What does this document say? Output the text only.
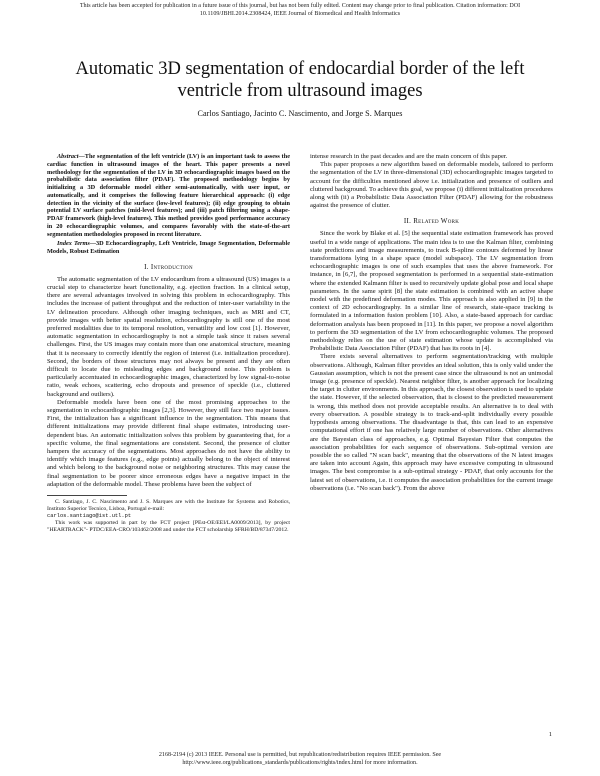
This article has been accepted for publication in a future issue of this journal, but has not been fully edited. Content may change prior to final publication. Citation information: DOI
10.1109/JBHI.2014.2308424, IEEE Journal of Biomedical and Health Informatics
Automatic 3D segmentation of endocardial border of the left
ventricle from ultrasound images
Carlos Santiago, Jacinto C. Nascimento, and Jorge S. Marques

Abstract—The segmentation of the left ventricle (LV) is an important task to assess the cardiac function in ultrasound images of the heart. This paper presents a novel methodology for the segmentation of the LV in 3D echocardiographic images based on the probabilistic data association filter (PDAF). The proposed methodology begins by initializing a 3D deformable model either semi-automatically, with user input, or automatically, and it comprises the following feature hierarchical approach: (i) edge detection in the vicinity of the surface (low-level features); (ii) edge grouping to obtain potential LV surface patches (mid-level features); and (iii) patch filtering using a shape-PDAF framework (high-level features). This method provides good performance accuracy in 20 echocardiographic volumes, and compares favorably with the state-of-the-art segmentation methodologies proposed in recent literature.

Index Terms—3D Echocardiography, Left Ventricle, Image Segmentation, Deformable Models, Robust Estimation

I. Introduction

The automatic segmentation of the LV endocardium from a ultrasound (US) images is a crucial step to characterize heart functionality, e.g. ejection fraction. In a clinical setup, there are several advantages involved in solving this problem in echocardiography. This includes the increase of patient throughput and the reduction of inter-user variability in the LV delineation procedure. Although other imaging techniques, such as MRI and CT, provide images with better spatial resolution, echocardiography is still one of the most preferred modalities due to its temporal resolution, versatility and low cost [1]. However, automatic segmentation in echocardiography is not a simple task since it raises several challenges. First, the US images may contain more than one anatomical structure, meaning that it is necessary to correctly identify the region of interest (i.e. initialization procedure). Second, the borders of those structures may not always be present and they are often difficult to locate due to misleading edges and background noise. This problem is particularly accentuated in echocardiographic images, characterized by low signal-to-noise ratio, weak echoes, scattering, echo dropouts and presence of speckle (i.e., cluttered background and outliers).

Deformable models have been one of the most promising approaches to the segmentation in echocardiographic images [2,3]. However, they still face two major issues. First, the initialization has a significant influence in the segmentation. This means that different initializations may provide different final shape estimates, introducing user-dependent bias. An automatic initialization solves this problem by guaranteeing that, for a specific volume, the final segmentations are consistent. Second, the presence of clutter hampers the accuracy of the segmentations. Most approaches do not have the ability to identify which image features (e.g., edge points) actually belong to the object of interest and which belong to the background noise or neighboring structures. This may cause the final segmentation to be poorer since erroneous edges have a negative impact in the adaptation of the deformable model. These problems have been the subject of

C. Santiago, J. C. Nascimento and J. S. Marques are with the Institute for Systems and Robotics, Instituto Superior Tecnico, Lisboa, Portugal e-mail:

carlos.santiago@ist.utl.pt

This work was supported in part by the FCT project [PEst-OE/EEI/LA0009/2013], by project "HEARTRACK"- PTDC/EEA-CRO/103462/2008 and under the FCT scholarship SFRH/BD/87347/2012.

intense research in the past decades and are the main concern of this paper.

This paper proposes a new algorithm based on deformable models, tailored to perform the segmentation of the LV in three-dimensional (3D) echocardiographic images targeted to account for the difficulties mentioned above i.e. initialization and presence of outliers and cluttered background. To achieve this goal, we propose (i) different initialization procedures along with (ii) a Probabilistic Data Association Filter (PDAF) allowing for the robustness against the presence of clutter.

II. Related Work

Since the work by Blake et al. [5] the sequential state estimation framework has proved useful in a wide range of applications. The main idea is to use the Kalman filter, combining state predictions and image measurements, to track B-spline contours deformed by linear transformations lying in a shape space (model subspace). The LV segmentation from echocardiographic images is one of such examples that uses the above framework. For instance, in [6,7], the proposed segmentation is performed in a sequential state-estimation where the extended Kalmann filter is used to recursively update global pose and local shape parameters. In the same spirit [8] the state estimation is combined with an active shape model with the predefined deformation modes. This approach is also applied in [9] in the context of 2D echocardiography. In a similar line of research, state-space tracking is formulated in a information fusion problem [10]. Also, a state-based approach for cardiac deformation analysis has been proposed in [11]. In this paper, we propose a novel algorithm to perform the 3D segmentation of the LV from echocardiographic volumes. The proposed methodology relies on the use of state estimation whose update is accomplished via Probabilistic Data Association Filter (PDAF) that has its roots in [4].

There exists several alternatives to perform segmentation/tracking with multiple observations. Although, Kalman filter provides an ideal solution, this is only valid under the Gaussian assumption, which is not the present case since the ultrasound is not an unimodal image (e.g. presence of speckle). Nearest neighbor filter, is another approach for localizing the target in clutter environments. In this approach, the closest observation is used to update the state. However, if the selected observation, that is closest to the predicted measurement is wrong, this method does not provide acceptable results. An alternative is to deal with every observation. A possible strategy is to track-and-split individually every possible hypothesis among observations. The disadvantage is that, this can lead to an expensive computational effort if one has relatively large number of observations. Other alternatives are the Bayesian class of approaches, e.g. Optimal Bayesian Filter that computes the association probabilities for each sequence of observations. Sub-optimal version are possible the so called "N scan back", meaning that the observations of the N latest images are taken into account Again, this approach may have excessive computing in ultrasound images. The best compromise is a sub-optimal strategy - PDAF, that only accounts for the latest set of observations, i.e. it computes the association probabilities for the current image observations (i.e. "No scan back"). From the above

1
2168-2194 (c) 2013 IEEE. Personal use is permitted, but republication/redistribution requires IEEE permission. See
http://www.ieee.org/publications_standards/publications/rights/index.html for more information.
